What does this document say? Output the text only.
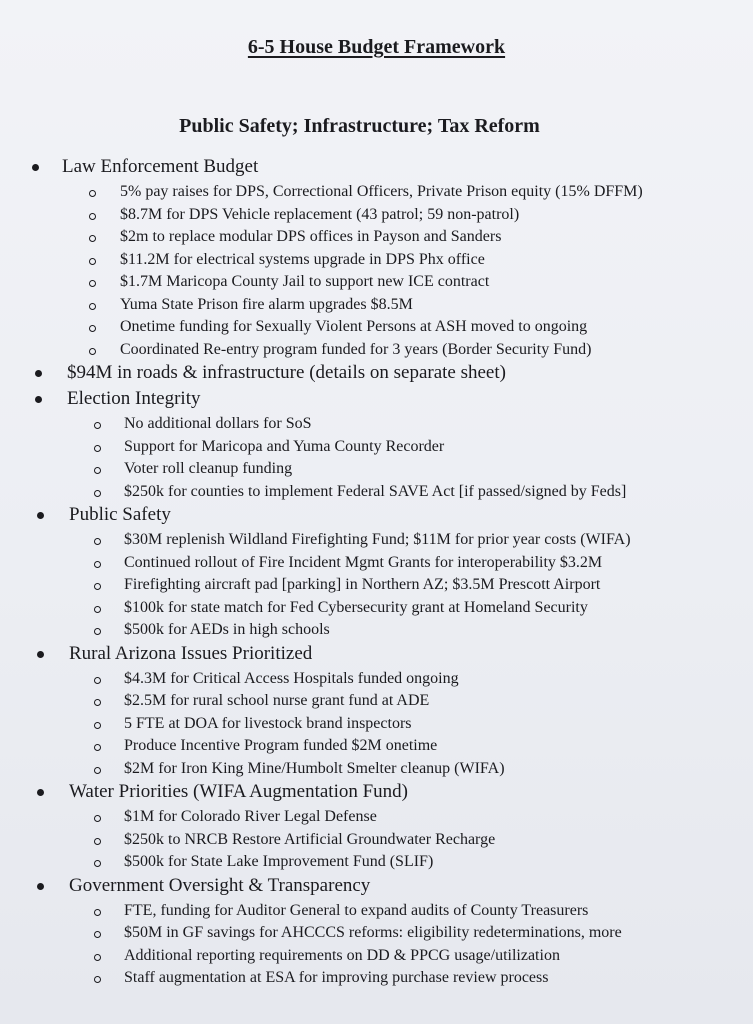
6-5 House Budget Framework
Public Safety; Infrastructure; Tax Reform
Law Enforcement Budget
5% pay raises for DPS, Correctional Officers, Private Prison equity (15% DFFM)
$8.7M for DPS Vehicle replacement (43 patrol; 59 non-patrol)
$2m to replace modular DPS offices in Payson and Sanders
$11.2M for electrical systems upgrade in DPS Phx office
$1.7M Maricopa County Jail to support new ICE contract
Yuma State Prison fire alarm upgrades $8.5M
Onetime funding for Sexually Violent Persons at ASH moved to ongoing
Coordinated Re-entry program funded for 3 years (Border Security Fund)
$94M in roads & infrastructure (details on separate sheet)
Election Integrity
No additional dollars for SoS
Support for Maricopa and Yuma County Recorder
Voter roll cleanup funding
$250k for counties to implement Federal SAVE Act [if passed/signed by Feds]
Public Safety
$30M replenish Wildland Firefighting Fund; $11M for prior year costs (WIFA)
Continued rollout of Fire Incident Mgmt Grants for interoperability $3.2M
Firefighting aircraft pad [parking] in Northern AZ; $3.5M Prescott Airport
$100k for state match for Fed Cybersecurity grant at Homeland Security
$500k for AEDs in high schools
Rural Arizona Issues Prioritized
$4.3M for Critical Access Hospitals funded ongoing
$2.5M for rural school nurse grant fund at ADE
5 FTE at DOA for livestock brand inspectors
Produce Incentive Program funded $2M onetime
$2M for Iron King Mine/Humbolt Smelter cleanup (WIFA)
Water Priorities (WIFA Augmentation Fund)
$1M for Colorado River Legal Defense
$250k to NRCB Restore Artificial Groundwater Recharge
$500k for State Lake Improvement Fund (SLIF)
Government Oversight & Transparency
FTE, funding for Auditor General to expand audits of County Treasurers
$50M in GF savings for AHCCCS reforms: eligibility redeterminations, more
Additional reporting requirements on DD & PPCG usage/utilization
Staff augmentation at ESA for improving purchase review process
